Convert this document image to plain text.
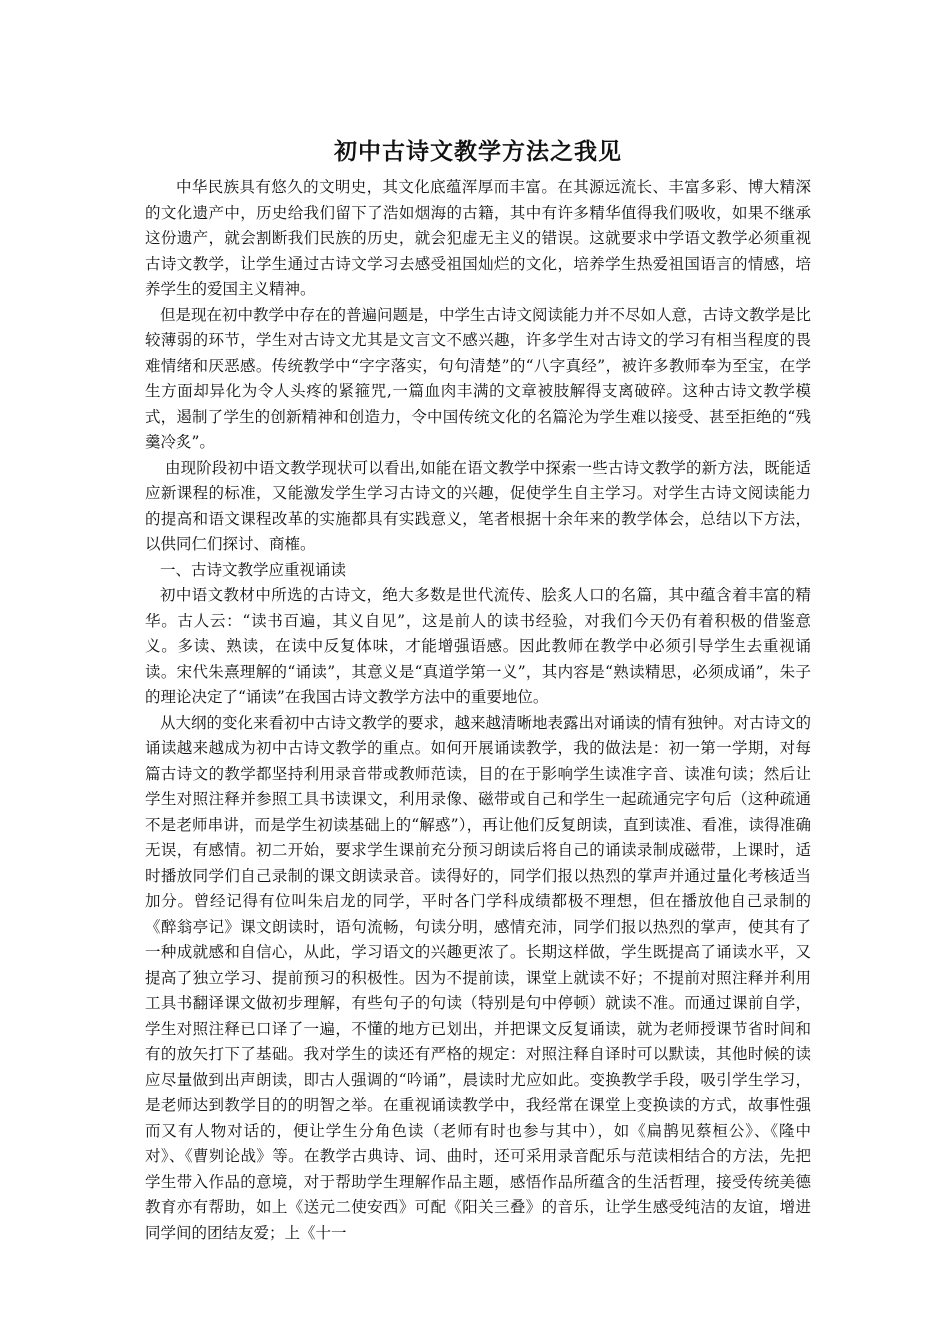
初中古诗文教学方法之我见

中华民族具有悠久的文明史，其文化底蕴浑厚而丰富。在其源远流长、丰富多彩、博大精深的文化遗产中，历史给我们留下了浩如烟海的古籍，其中有许多精华值得我们吸收，如果不继承这份遗产，就会割断我们民族的历史，就会犯虚无主义的错误。这就要求中学语文教学必须重视古诗文教学，让学生通过古诗文学习去感受祖国灿烂的文化，培养学生热爱祖国语言的情感，培养学生的爱国主义精神。

但是现在初中教学中存在的普遍问题是，中学生古诗文阅读能力并不尽如人意，古诗文教学是比较薄弱的环节，学生对古诗文尤其是文言文不感兴趣，许多学生对古诗文的学习有相当程度的畏难情绪和厌恶感。传统教学中“字字落实，句句清楚”的“八字真经”，被许多教师奉为至宝，在学生方面却异化为令人头疼的紧箍咒,一篇血肉丰满的文章被肢解得支离破碎。这种古诗文教学模式，遏制了学生的创新精神和创造力，令中国传统文化的名篇沦为学生难以接受、甚至拒绝的“残羹冷炙”。

由现阶段初中语文教学现状可以看出,如能在语文教学中探索一些古诗文教学的新方法，既能适应新课程的标准，又能激发学生学习古诗文的兴趣，促使学生自主学习。对学生古诗文阅读能力的提高和语文课程改革的实施都具有实践意义，笔者根据十余年来的教学体会，总结以下方法，以供同仁们探讨、商榷。

一、古诗文教学应重视诵读

初中语文教材中所选的古诗文，绝大多数是世代流传、脍炙人口的名篇，其中蕴含着丰富的精华。古人云：“读书百遍，其义自见”，这是前人的读书经验，对我们今天仍有着积极的借鉴意义。多读、熟读，在读中反复体味，才能增强语感。因此教师在教学中必须引导学生去重视诵读。宋代朱熹理解的“诵读”，其意义是“真道学第一义”，其内容是“熟读精思，必须成诵”，朱子的理论决定了“诵读”在我国古诗文教学方法中的重要地位。

从大纲的变化来看初中古诗文教学的要求，越来越清晰地表露出对诵读的情有独钟。对古诗文的诵读越来越成为初中古诗文教学的重点。如何开展诵读教学，我的做法是：初一第一学期，对每篇古诗文的教学都坚持利用录音带或教师范读，目的在于影响学生读准字音、读准句读；然后让学生对照注释并参照工具书读课文，利用录像、磁带或自己和学生一起疏通完字句后（这种疏通不是老师串讲，而是学生初读基础上的“解惑”），再让他们反复朗读，直到读准、看准，读得准确无误，有感情。初二开始，要求学生课前充分预习朗读后将自己的诵读录制成磁带，上课时，适时播放同学们自己录制的课文朗读录音。读得好的，同学们报以热烈的掌声并通过量化考核适当加分。曾经记得有位叫朱启龙的同学，平时各门学科成绩都极不理想，但在播放他自己录制的《醉翁亭记》课文朗读时，语句流畅，句读分明，感情充沛，同学们报以热烈的掌声，使其有了一种成就感和自信心，从此，学习语文的兴趣更浓了。长期这样做，学生既提高了诵读水平，又提高了独立学习、提前预习的积极性。因为不提前读，课堂上就读不好；不提前对照注释并利用工具书翻译课文做初步理解，有些句子的句读（特别是句中停顿）就读不准。而通过课前自学，学生对照注释已口译了一遍，不懂的地方已划出，并把课文反复诵读，就为老师授课节省时间和有的放矢打下了基础。我对学生的读还有严格的规定：对照注释自译时可以默读，其他时候的读应尽量做到出声朗读，即古人强调的“吟诵”，晨读时尤应如此。变换教学手段，吸引学生学习，是老师达到教学目的的明智之举。在重视诵读教学中，我经常在课堂上变换读的方式，故事性强而又有人物对话的，便让学生分角色读（老师有时也参与其中），如《扁鹊见蔡桓公》、《隆中对》、《曹刿论战》等。在教学古典诗、词、曲时，还可采用录音配乐与范读相结合的方法，先把学生带入作品的意境，对于帮助学生理解作品主题，感悟作品所蕴含的生活哲理，接受传统美德教育亦有帮助，如上《送元二使安西》可配《阳关三叠》的音乐，让学生感受纯洁的友谊，增进同学间的团结友爱；上《十一
